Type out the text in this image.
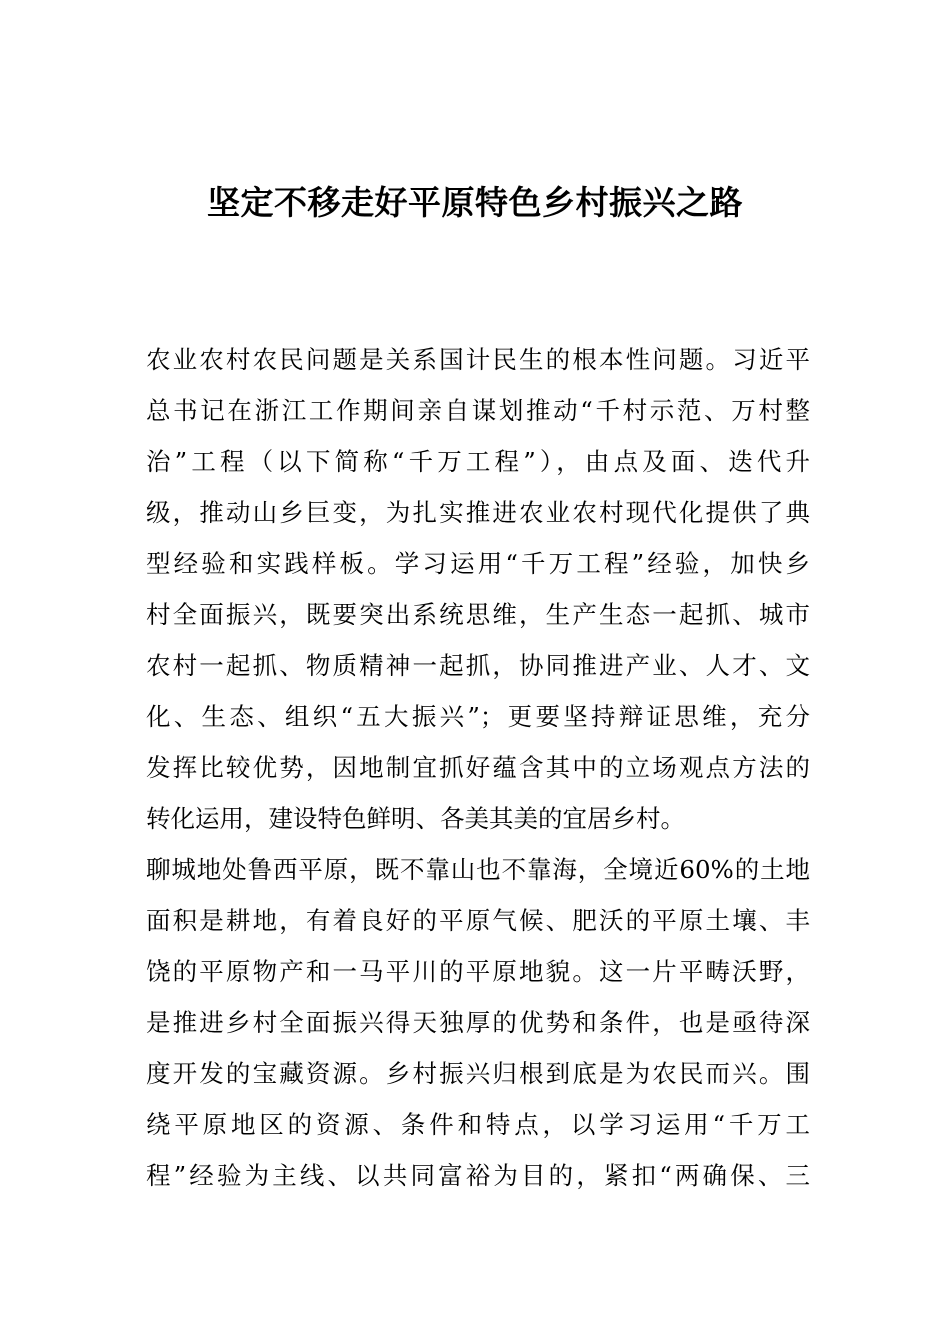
坚定不移走好平原特色乡村振兴之路
农业农村农民问题是关系国计民生的根本性问题。习近平
总书记在浙江工作期间亲自谋划推动“千村示范、万村整
治”工程（以下简称“千万工程”），由点及面、迭代升
级，推动山乡巨变，为扎实推进农业农村现代化提供了典
型经验和实践样板。学习运用“千万工程”经验，加快乡
村全面振兴，既要突出系统思维，生产生态一起抓、城市
农村一起抓、物质精神一起抓，协同推进产业、人才、文
化、生态、组织“五大振兴”；更要坚持辩证思维，充分
发挥比较优势，因地制宜抓好蕴含其中的立场观点方法的
转化运用，建设特色鲜明、各美其美的宜居乡村。
聊城地处鲁西平原，既不靠山也不靠海，全境近60%的土地
面积是耕地，有着良好的平原气候、肥沃的平原土壤、丰
饶的平原物产和一马平川的平原地貌。这一片平畴沃野，
是推进乡村全面振兴得天独厚的优势和条件，也是亟待深
度开发的宝藏资源。乡村振兴归根到底是为农民而兴。围
绕平原地区的资源、条件和特点，以学习运用“千万工
程”经验为主线、以共同富裕为目的，紧扣“两确保、三
